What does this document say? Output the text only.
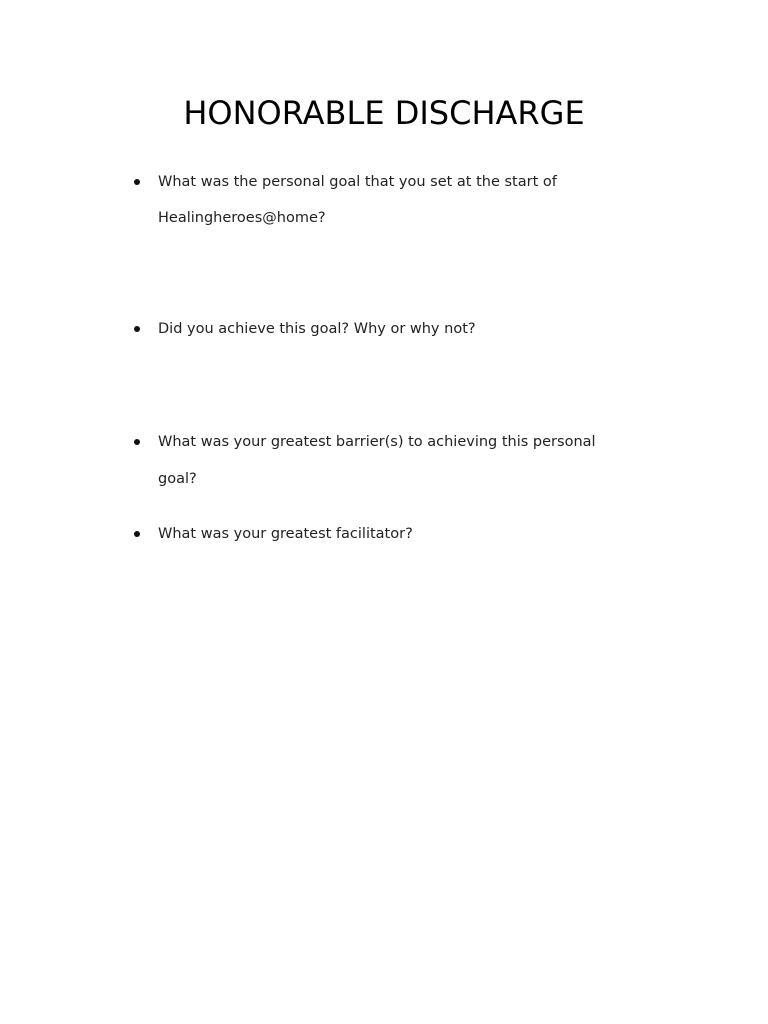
HONORABLE DISCHARGE
What was the personal goal that you set at the start of
Healingheroes@home?
Did you achieve this goal? Why or why not?
What was your greatest barrier(s) to achieving this personal
goal?
What was your greatest facilitator?
